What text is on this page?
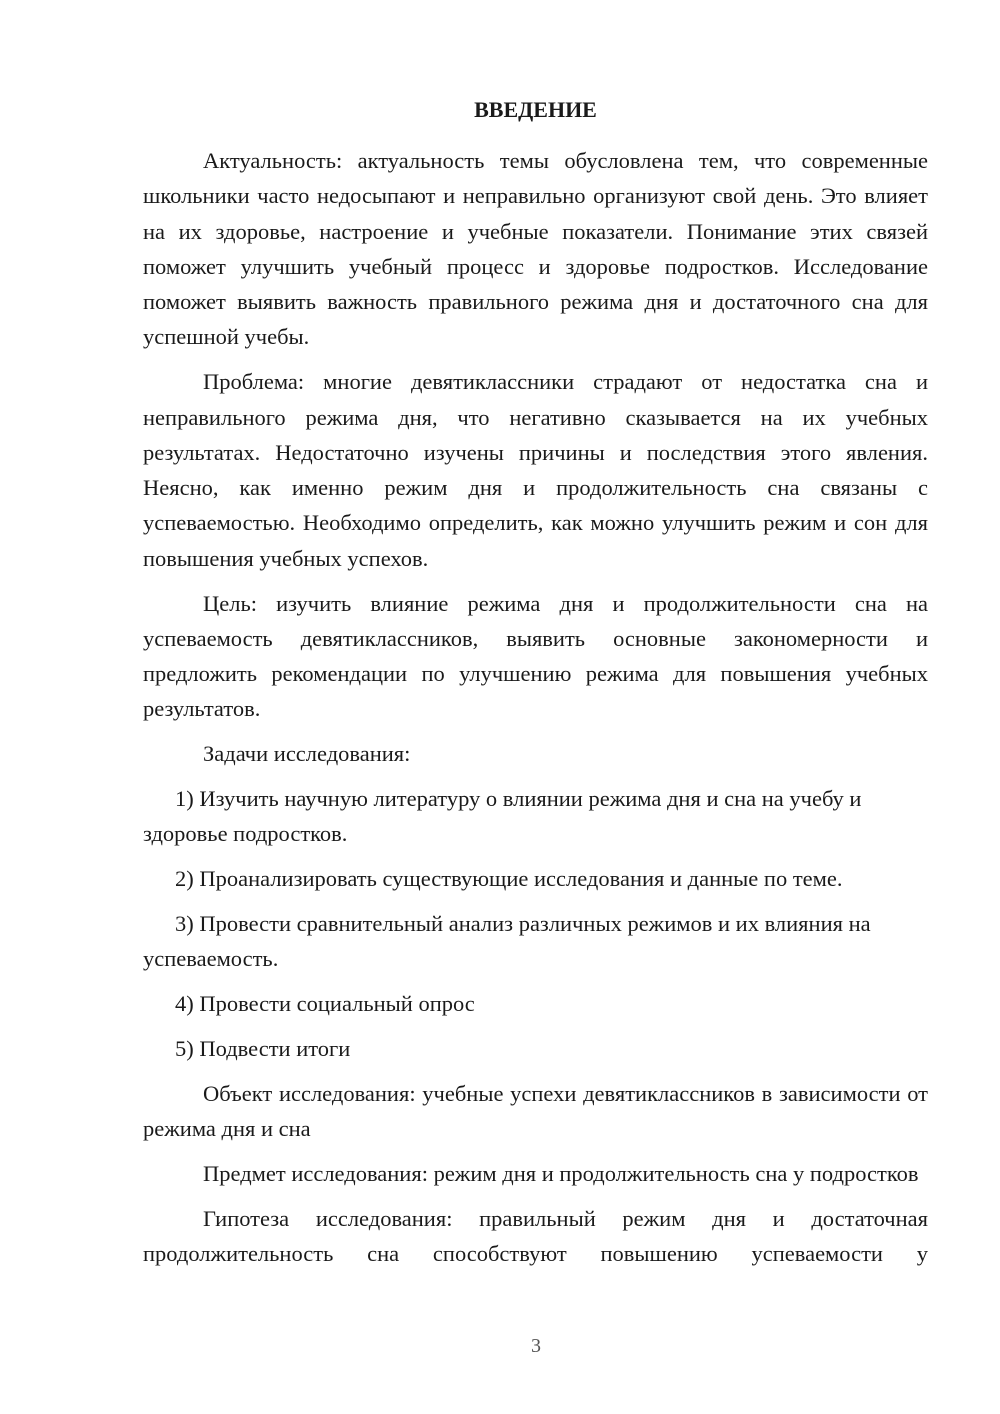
ВВЕДЕНИЕ

Актуальность: актуальность темы обусловлена тем, что современные школьники часто недосыпают и неправильно организуют свой день. Это влияет на их здоровье, настроение и учебные показатели. Понимание этих связей поможет улучшить учебный процесс и здоровье подростков. Исследование поможет выявить важность правильного режима дня и достаточного сна для успешной учебы.

Проблема: многие девятиклассники страдают от недостатка сна и неправильного режима дня, что негативно сказывается на их учебных результатах. Недостаточно изучены причины и последствия этого явления. Неясно, как именно режим дня и продолжительность сна связаны с успеваемостью. Необходимо определить, как можно улучшить режим и сон для повышения учебных успехов.

Цель: изучить влияние режима дня и продолжительности сна на успеваемость девятиклассников, выявить основные закономерности и предложить рекомендации по улучшению режима для повышения учебных результатов.

Задачи исследования:

1) Изучить научную литературу о влиянии режима дня и сна на учебу и здоровье подростков.
2) Проанализировать существующие исследования и данные по теме.
3) Провести сравнительный анализ различных режимов и их влияния на успеваемость.
4) Провести социальный опрос
5) Подвести итоги

Объект исследования: учебные успехи девятиклассников в зависимости от режима дня и сна

Предмет исследования: режим дня и продолжительность сна у подростков

Гипотеза исследования: правильный режим дня и достаточная продолжительность сна способствуют повышению успеваемости у

3
